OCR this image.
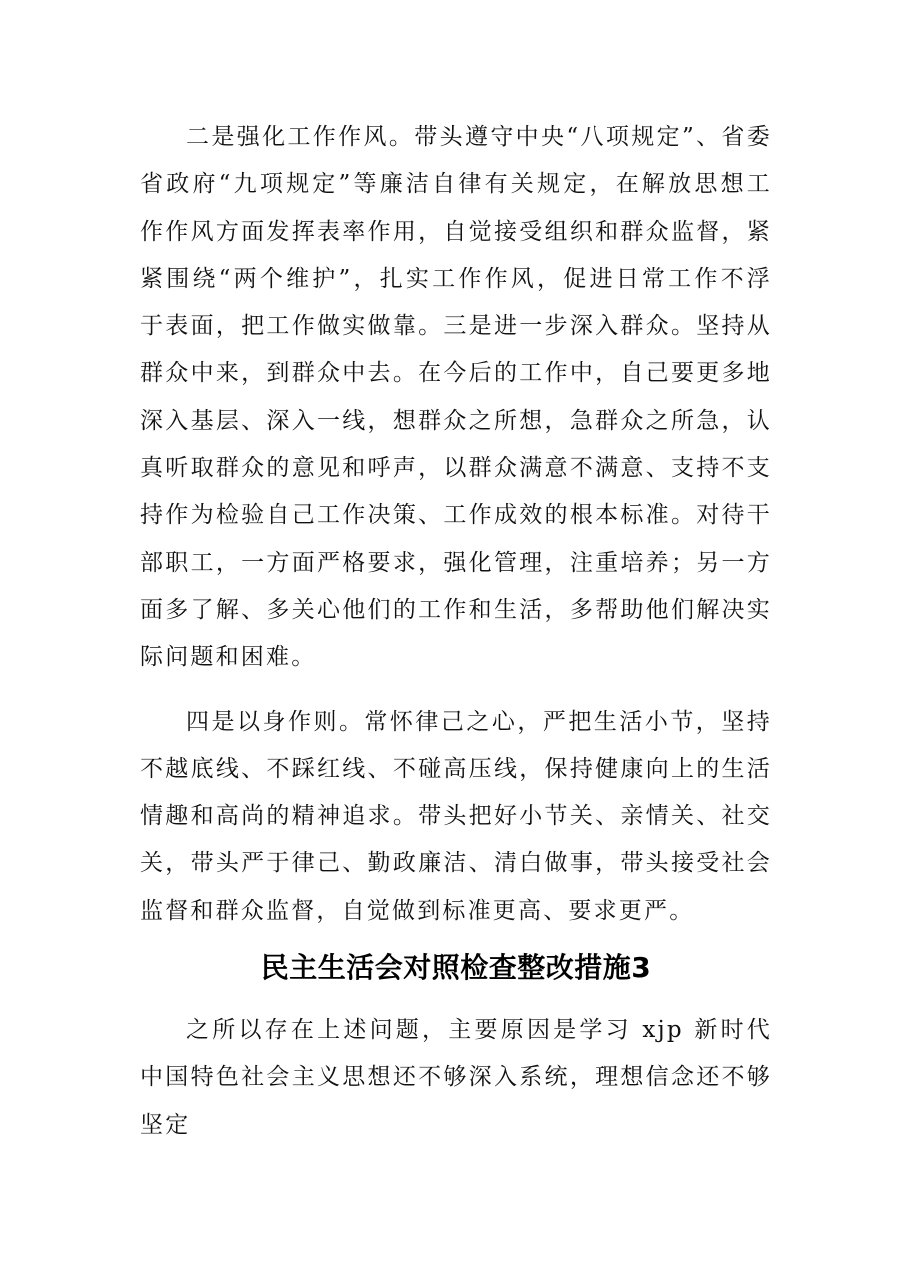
二是强化工作作风。带头遵守中央“八项规定”、省委省政府“九项规定”等廉洁自律有关规定，在解放思想工作作风方面发挥表率作用，自觉接受组织和群众监督，紧紧围绕“两个维护”，扎实工作作风，促进日常工作不浮于表面，把工作做实做靠。三是进一步深入群众。坚持从群众中来，到群众中去。在今后的工作中，自己要更多地深入基层、深入一线，想群众之所想，急群众之所急，认真听取群众的意见和呼声，以群众满意不满意、支持不支持作为检验自己工作决策、工作成效的根本标准。对待干部职工，一方面严格要求，强化管理，注重培养；另一方面多了解、多关心他们的工作和生活，多帮助他们解决实际问题和困难。

四是以身作则。常怀律己之心，严把生活小节，坚持不越底线、不踩红线、不碰高压线，保持健康向上的生活情趣和高尚的精神追求。带头把好小节关、亲情关、社交关，带头严于律己、勤政廉洁、清白做事，带头接受社会监督和群众监督，自觉做到标准更高、要求更严。

民主生活会对照检查整改措施3

之所以存在上述问题，主要原因是学习 xjp 新时代中国特色社会主义思想还不够深入系统，理想信念还不够坚定
